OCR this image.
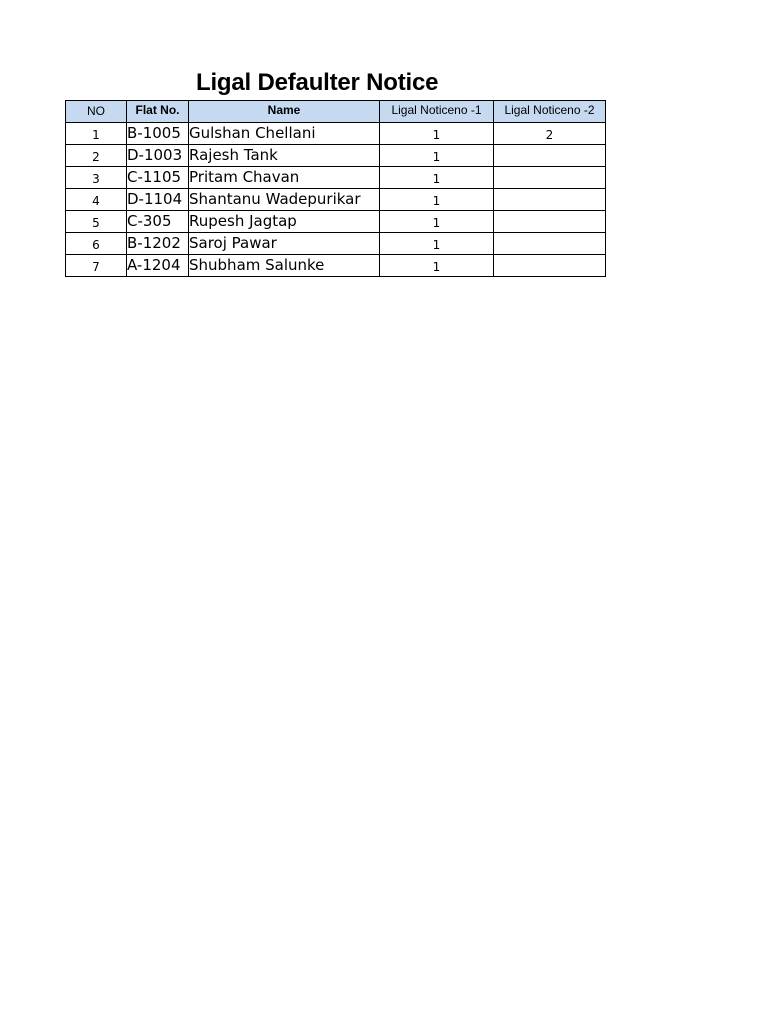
Ligal Defaulter Notice
NO	Flat No.	Name	Ligal Noticeno -1	Ligal Noticeno -2
1	B-1005	Gulshan Chellani	1	2
2	D-1003	Rajesh Tank	1	
3	C-1105	Pritam Chavan	1	
4	D-1104	Shantanu Wadepurikar	1	
5	C-305	Rupesh Jagtap	1	
6	B-1202	Saroj Pawar	1	
7	A-1204	Shubham Salunke	1	
